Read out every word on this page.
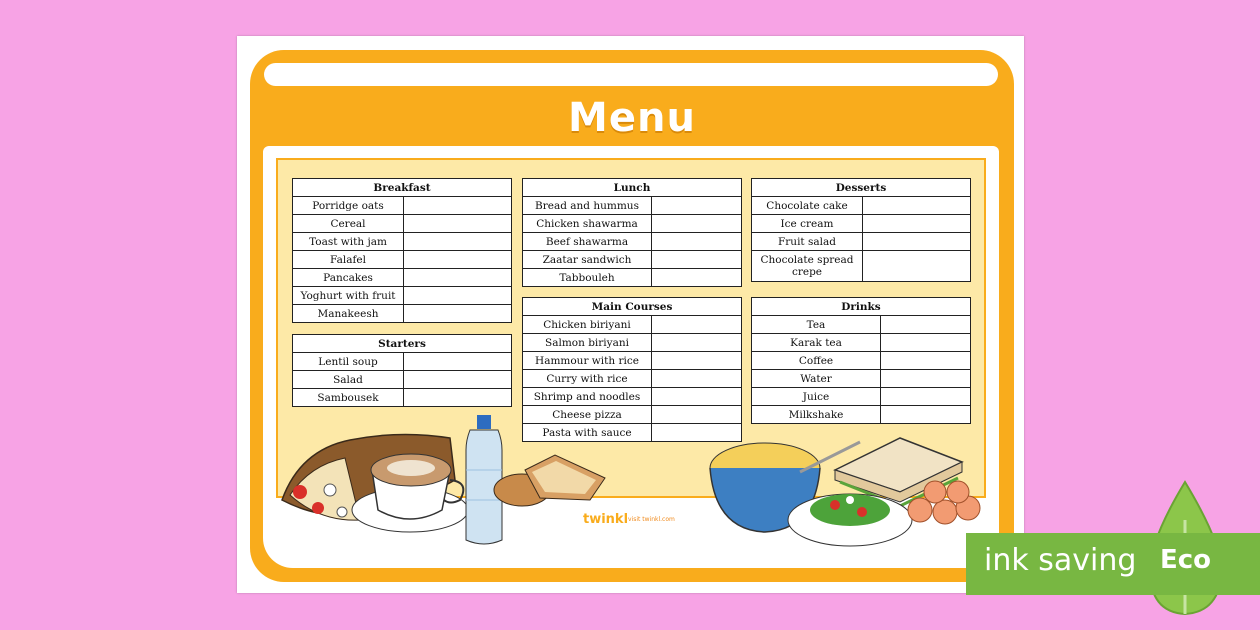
Menu
Breakfast	
Porridge oats	
Cereal	
Toast with jam	
Falafel	
Pancakes	
Yoghurt with fruit	
Manakeesh	
Starters	
Lentil soup	
Salad	
Sambousek	
Lunch	
Bread and hummus	
Chicken shawarma	
Beef shawarma	
Zaatar sandwich	
Tabbouleh	
Main Courses	
Chicken biriyani	
Salmon biriyani	
Hammour with rice	
Curry with rice	
Shrimp and noodles	
Cheese pizza	
Pasta with sauce	
Desserts	
Chocolate cake	
Ice cream	
Fruit salad	
Chocolate spread crepe	
Drinks	
Tea	
Karak tea	
Coffee	
Water	
Juice	
Milkshake	
twinkl visit twinkl.com
ink saving Eco
